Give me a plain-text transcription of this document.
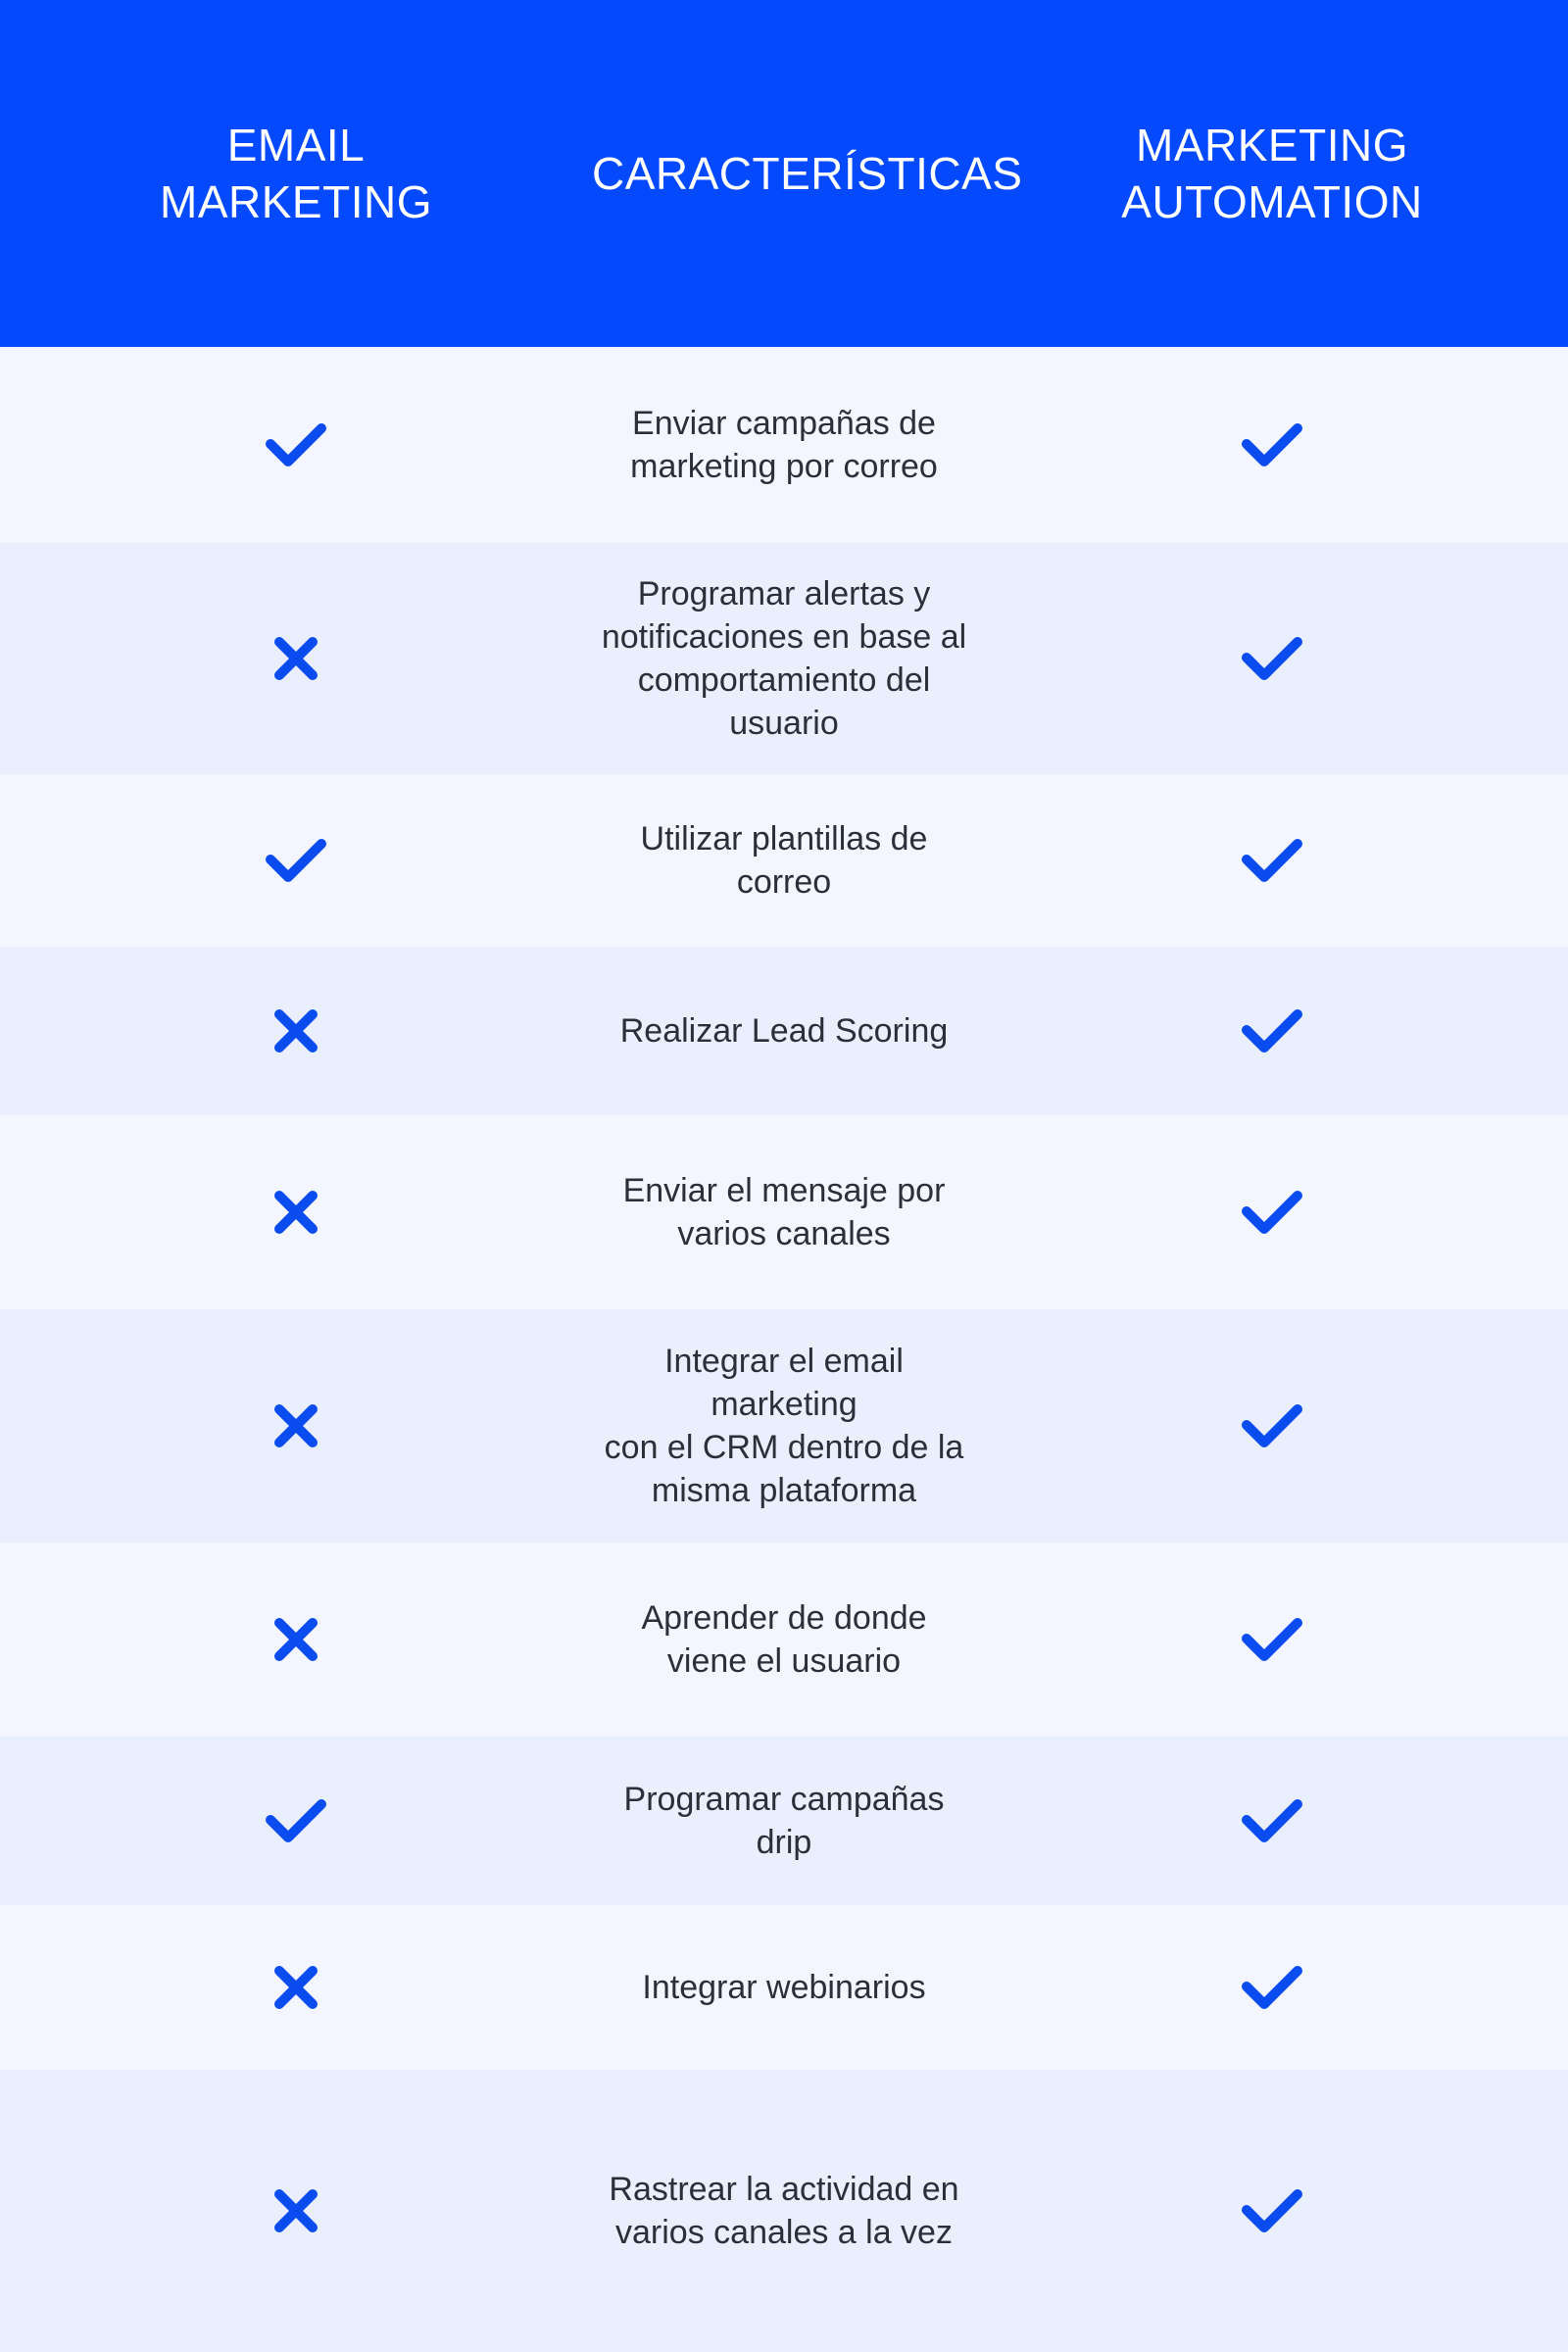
EMAIL
MARKETING
CARACTERÍSTICAS
MARKETING
AUTOMATION
Enviar campañas de
marketing por correo
Programar alertas y
notificaciones en base al
comportamiento del usuario
Utilizar plantillas de correo
Realizar Lead Scoring
Enviar el mensaje por
varios canales
Integrar el email marketing
con el CRM dentro de la
misma plataforma
Aprender de donde
viene el usuario
Programar campañas drip
Integrar webinarios
Rastrear la actividad en
varios canales a la vez
